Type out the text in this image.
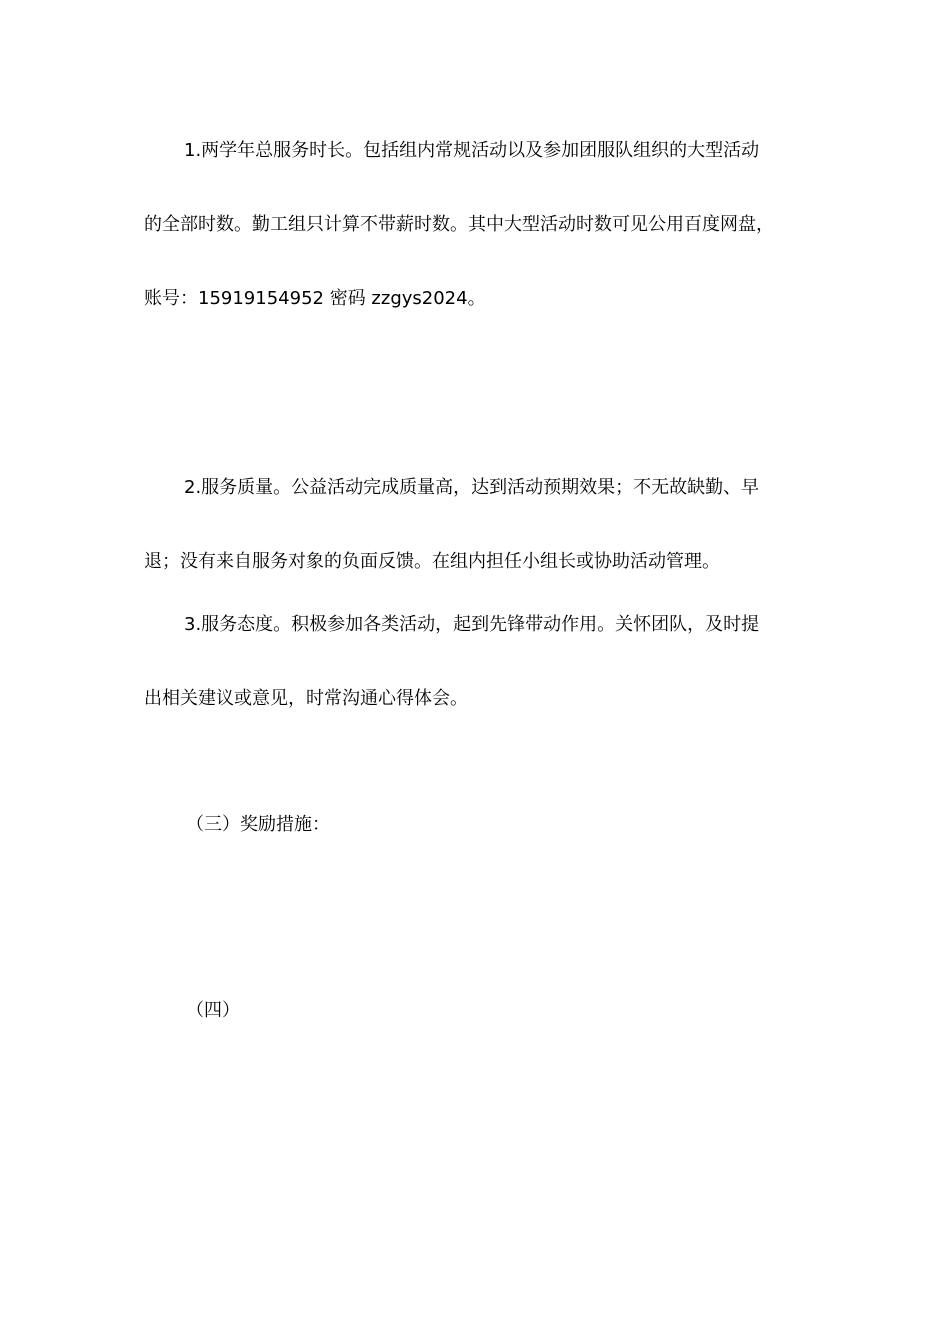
1.两学年总服务时长。包括组内常规活动以及参加团服队组织的大型活动
的全部时数。勤工组只计算不带薪时数。其中大型活动时数可见公用百度网盘，
账号：15919154952 密码 zzgys2024。
2.服务质量。公益活动完成质量高，达到活动预期效果；不无故缺勤、早
退；没有来自服务对象的负面反馈。在组内担任小组长或协助活动管理。
3.服务态度。积极参加各类活动，起到先锋带动作用。关怀团队，及时提
出相关建议或意见，时常沟通心得体会。
（三）奖励措施：
（四）
